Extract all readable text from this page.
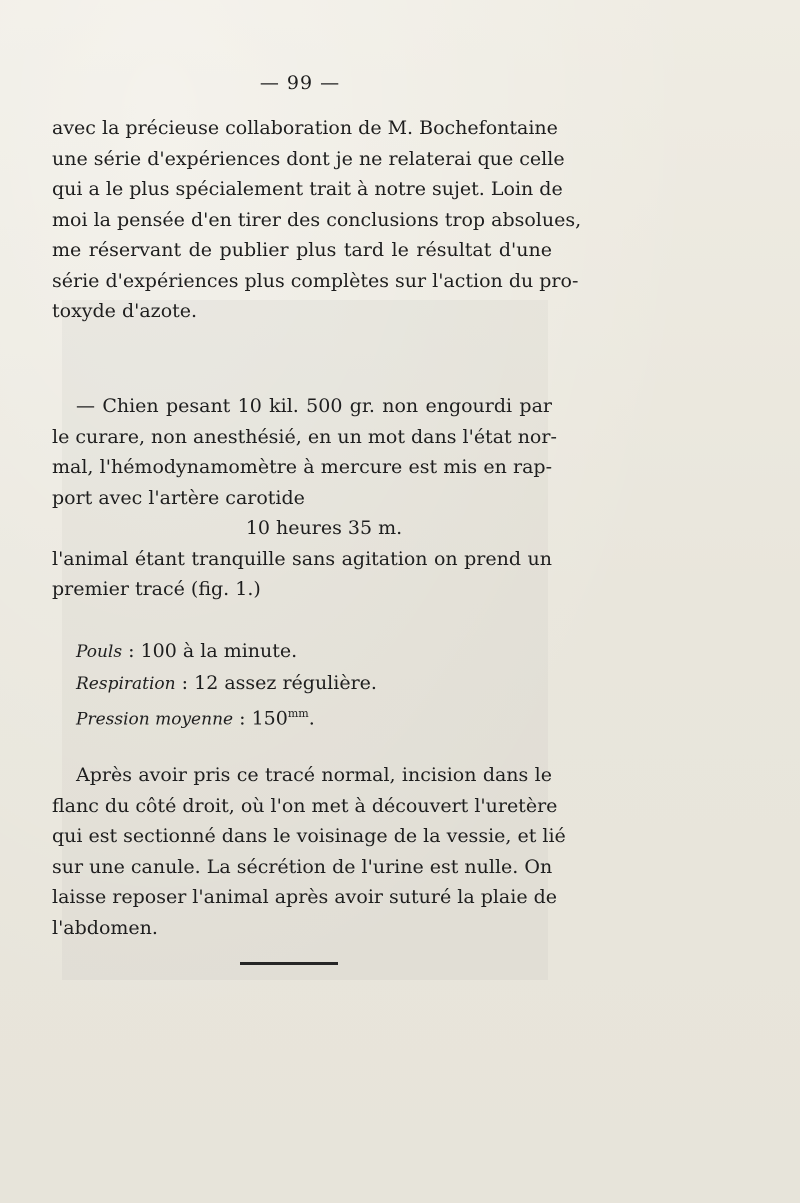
— 99 —
avec la précieuse collaboration de M. Bochefontaine
une série d'expériences dont je ne relaterai que celle
qui a le plus spécialement trait à notre sujet. Loin de
moi la pensée d'en tirer des conclusions trop absolues,
me réservant de publier plus tard le résultat d'une
série d'expériences plus complètes sur l'action du pro-
toxyde d'azote.
— Chien pesant 10 kil. 500 gr. non engourdi par
le curare, non anesthésié, en un mot dans l'état nor-
mal, l'hémodynamomètre à mercure est mis en rap-
port avec l'artère carotide
10 heures 35 m.
l'animal étant tranquille sans agitation on prend un
premier tracé (fig. 1.)
Pouls : 100 à la minute.
Respiration : 12 assez régulière.
Pression moyenne : $150^{mm}$.
Après avoir pris ce tracé normal, incision dans le
flanc du côté droit, où l'on met à découvert l'uretère
qui est sectionné dans le voisinage de la vessie, et lié
sur une canule. La sécrétion de l'urine est nulle. On
laisse reposer l'animal après avoir suturé la plaie de
l'abdomen.
